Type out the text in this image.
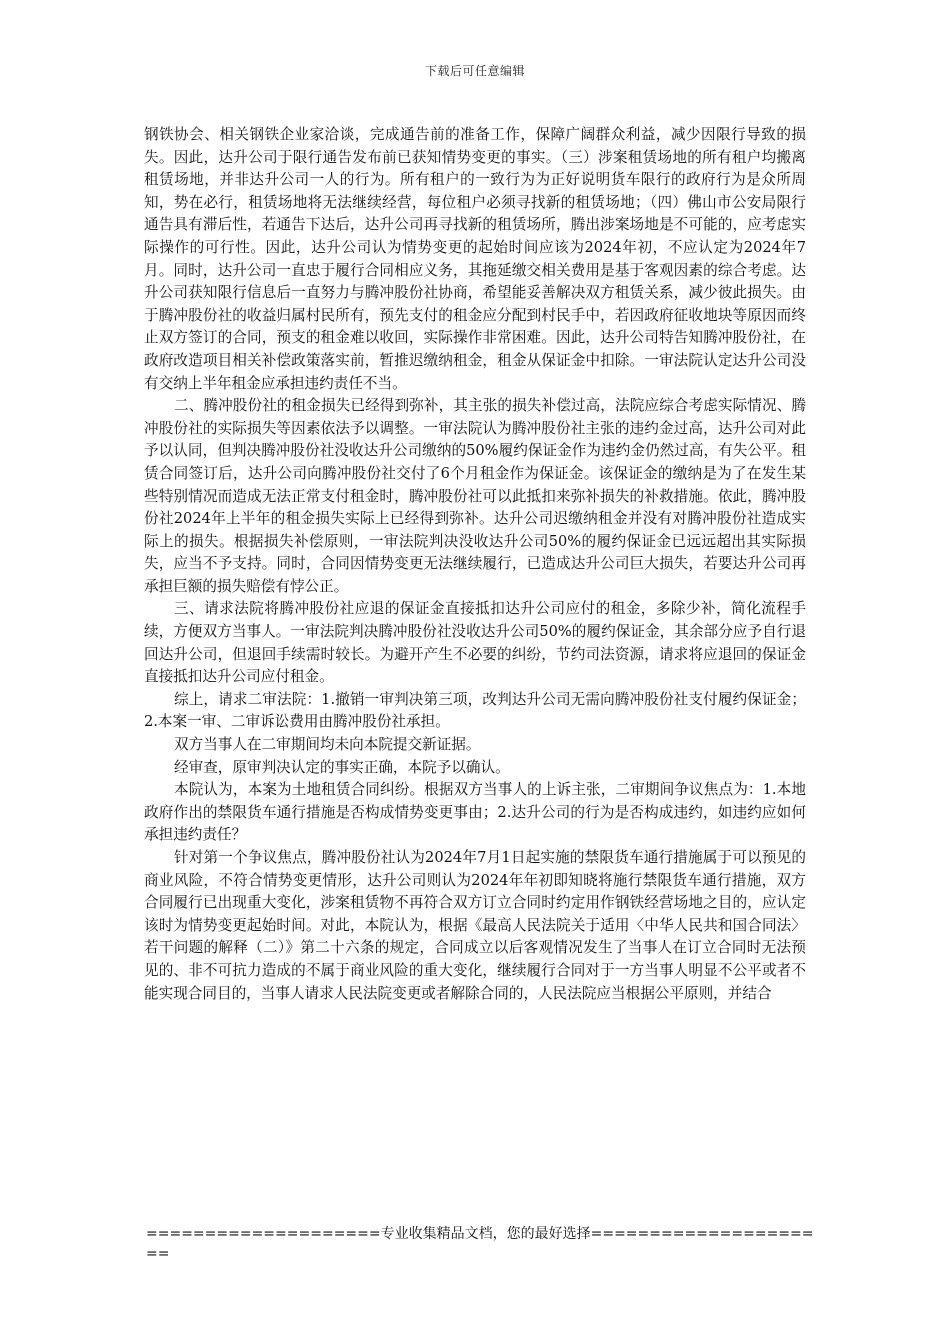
下载后可任意编辑

钢铁协会、相关钢铁企业家洽谈，完成通告前的准备工作，保障广阔群众利益，减少因限行导致的损失。因此，达升公司于限行通告发布前已获知情势变更的事实。（三）涉案租赁场地的所有租户均搬离租赁场地，并非达升公司一人的行为。所有租户的一致行为为正好说明货车限行的政府行为是众所周知，势在必行，租赁场地将无法继续经营，每位租户必须寻找新的租赁场地；（四）佛山市公安局限行通告具有滞后性，若通告下达后，达升公司再寻找新的租赁场所，腾出涉案场地是不可能的，应考虑实际操作的可行性。因此，达升公司认为情势变更的起始时间应该为2024年初，不应认定为2024年7月。同时，达升公司一直忠于履行合同相应义务，其拖延缴交相关费用是基于客观因素的综合考虑。达升公司获知限行信息后一直努力与腾冲股份社协商，希望能妥善解决双方租赁关系，减少彼此损失。由于腾冲股份社的收益归属村民所有，预先支付的租金应分配到村民手中，若因政府征收地块等原因而终止双方签订的合同，预支的租金难以收回，实际操作非常困难。因此，达升公司特告知腾冲股份社，在政府改造项目相关补偿政策落实前，暂推迟缴纳租金，租金从保证金中扣除。一审法院认定达升公司没有交纳上半年租金应承担违约责任不当。

二、腾冲股份社的租金损失已经得到弥补，其主张的损失补偿过高，法院应综合考虑实际情况、腾冲股份社的实际损失等因素依法予以调整。一审法院认为腾冲股份社主张的违约金过高，达升公司对此予以认同，但判决腾冲股份社没收达升公司缴纳的50%履约保证金作为违约金仍然过高，有失公平。租赁合同签订后，达升公司向腾冲股份社交付了6个月租金作为保证金。该保证金的缴纳是为了在发生某些特别情况而造成无法正常支付租金时，腾冲股份社可以此抵扣来弥补损失的补救措施。依此，腾冲股份社2024年上半年的租金损失实际上已经得到弥补。达升公司迟缴纳租金并没有对腾冲股份社造成实际上的损失。根据损失补偿原则，一审法院判决没收达升公司50%的履约保证金已远远超出其实际损失，应当不予支持。同时，合同因情势变更无法继续履行，已造成达升公司巨大损失，若要达升公司再承担巨额的损失赔偿有悖公正。

三、请求法院将腾冲股份社应退的保证金直接抵扣达升公司应付的租金，多除少补，简化流程手续，方便双方当事人。一审法院判决腾冲股份社没收达升公司50%的履约保证金，其余部分应予自行退回达升公司，但退回手续需时较长。为避开产生不必要的纠纷，节约司法资源，请求将应退回的保证金直接抵扣达升公司应付租金。

综上，请求二审法院：1.撤销一审判决第三项，改判达升公司无需向腾冲股份社支付履约保证金；2.本案一审、二审诉讼费用由腾冲股份社承担。

双方当事人在二审期间均未向本院提交新证据。

经审查，原审判决认定的事实正确，本院予以确认。

本院认为，本案为土地租赁合同纠纷。根据双方当事人的上诉主张，二审期间争议焦点为：1.本地政府作出的禁限货车通行措施是否构成情势变更事由；2.达升公司的行为是否构成违约，如违约应如何承担违约责任？

针对第一个争议焦点，腾冲股份社认为2024年7月1日起实施的禁限货车通行措施属于可以预见的商业风险，不符合情势变更情形，达升公司则认为2024年年初即知晓将施行禁限货车通行措施，双方合同履行已出现重大变化，涉案租赁物不再符合双方订立合同时约定用作钢铁经营场地之目的，应认定该时为情势变更起始时间。对此，本院认为，根据《最高人民法院关于适用〈中华人民共和国合同法〉若干问题的解释（二）》第二十六条的规定，合同成立以后客观情况发生了当事人在订立合同时无法预见的、非不可抗力造成的不属于商业风险的重大变化，继续履行合同对于一方当事人明显不公平或者不能实现合同目的，当事人请求人民法院变更或者解除合同的，人民法院应当根据公平原则，并结合

====================专业收集精品文档，您的最好选择=====================
